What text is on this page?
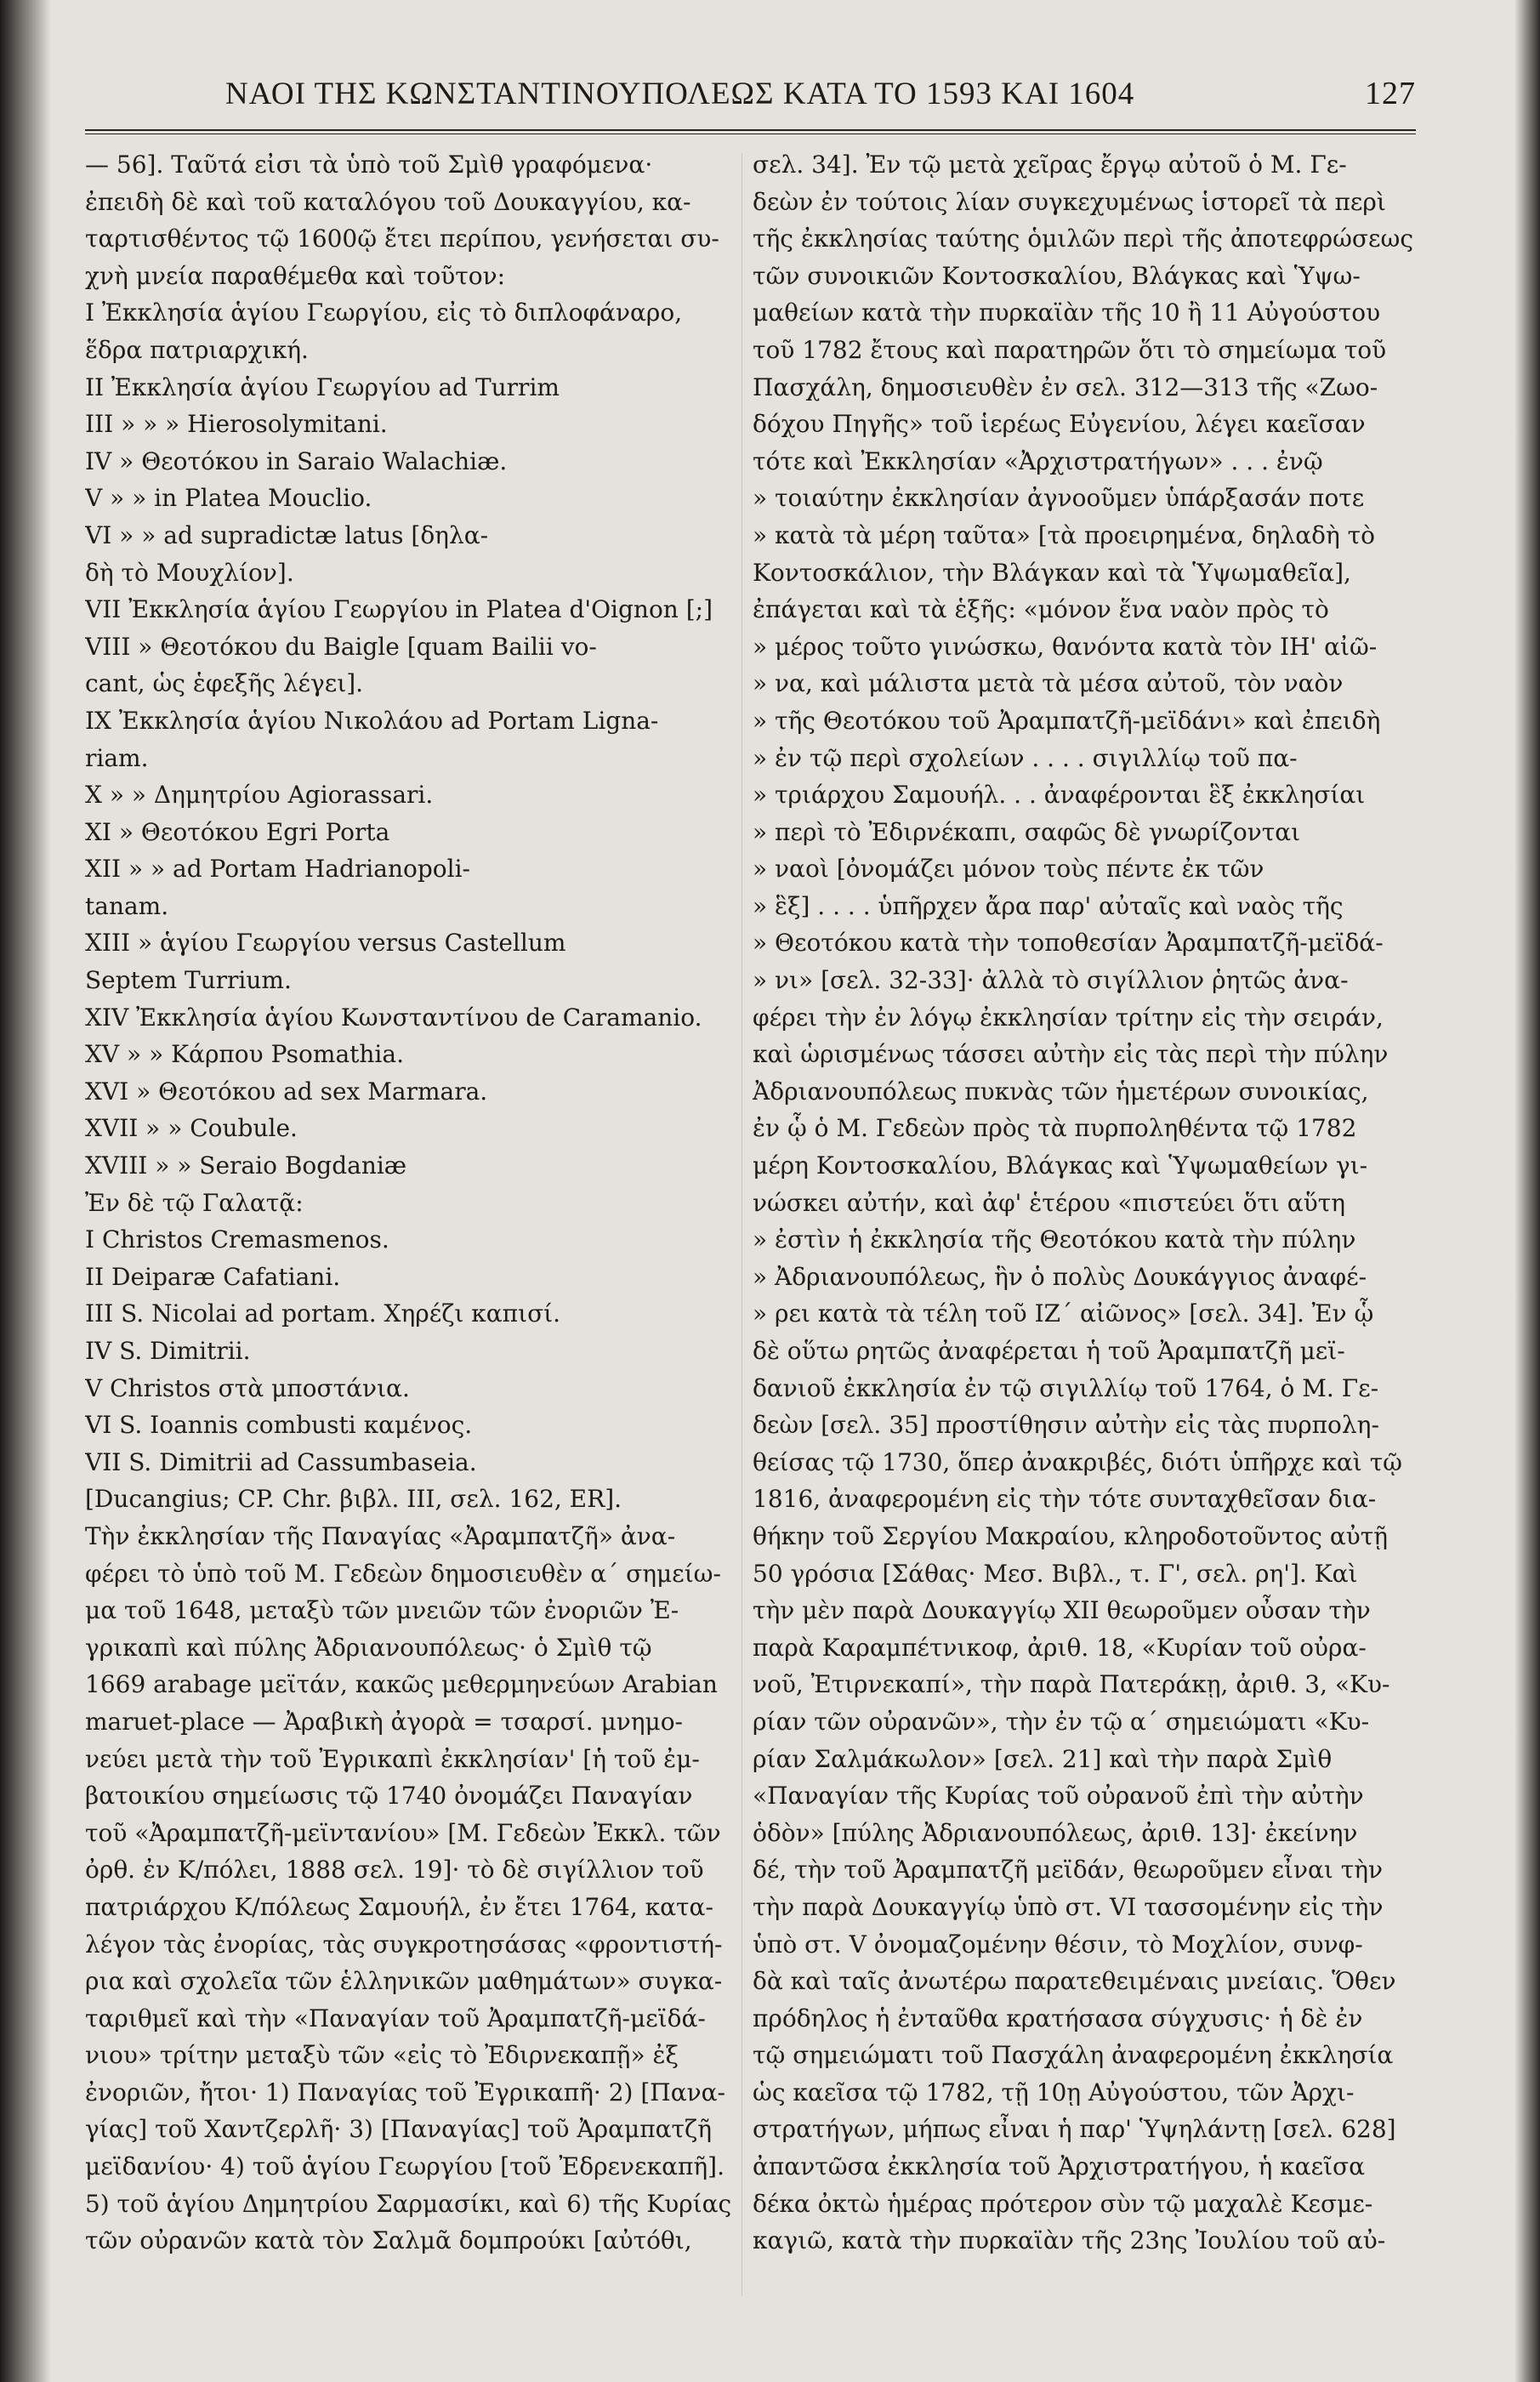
ΝΑΟΙ ΤΗΣ ΚΩΝΣΤΑΝΤΙΝΟΥΠΟΛΕΩΣ ΚΑΤΑ ΤΟ 1593 ΚΑΙ 1604	127
— 56]. Ταῦτά εἰσι τὰ ὑπὸ τοῦ Σμὶθ γραφόμενα·
ἐπειδὴ δὲ καὶ τοῦ καταλόγου τοῦ Δουκαγγίου, κα-
ταρτισθέντος τῷ 1600ῷ ἔτει περίπου, γενήσεται συ-
χνὴ μνεία παραθέμεθα καὶ τοῦτον:
I Ἐκκλησία ἁγίου Γεωργίου, εἰς τὸ διπλοφάναρο,
ἕδρα πατριαρχική.
II Ἐκκλησία ἁγίου Γεωργίου ad Turrim
III » » » Hierosolymitani.
IV » Θεοτόκου in Saraio Walachiæ.
V » » in Platea Mouclio.
VI » » ad supradictæ latus [δηλα-
δὴ τὸ Μουχλίον].
VII Ἐκκλησία ἁγίου Γεωργίου in Platea d'Oignon [;]
VIII » Θεοτόκου du Baigle [quam Bailii vo-
cant, ὡς ἑφεξῆς λέγει].
IX Ἐκκλησία ἁγίου Νικολάου ad Portam Ligna-
riam.
X » » Δημητρίου Agiorassari.
XI » Θεοτόκου Egri Porta
XII » » ad Portam Hadrianopoli-
tanam.
XIII » ἁγίου Γεωργίου versus Castellum
Septem Turrium.
XIV Ἐκκλησία ἁγίου Κωνσταντίνου de Caramanio.
XV » » Κάρπου Psomathia.
XVI » Θεοτόκου ad sex Marmara.
XVII » » Coubule.
XVIII » » Seraio Bogdaniæ
Ἐν δὲ τῷ Γαλατᾷ:
I Christos Cremasmenos.
II Deiparæ Cafatiani.
III S. Nicolai ad portam. Χηρέζι καπισί.
IV S. Dimitrii.
V Christos στὰ μποστάνια.
VI S. Ioannis combusti καμένος.
VII S. Dimitrii ad Cassumbaseia.
[Ducangius; CP. Chr. βιβλ. III, σελ. 162, ER].
Τὴν ἐκκλησίαν τῆς Παναγίας «Ἀραμπατζῆ» ἀνα-
φέρει τὸ ὑπὸ τοῦ Μ. Γεδεὼν δημοσιευθὲν α΄ σημείω-
μα τοῦ 1648, μεταξὺ τῶν μνειῶν τῶν ἐνοριῶν Ἐ-
γρικαπὶ καὶ πύλης Ἀδριανουπόλεως· ὁ Σμὶθ τῷ
1669 arabage μεϊτάν, κακῶς μεθερμηνεύων Arabian
maruet-place — Ἀραβικὴ ἀγορὰ = τσαρσί. μνημο-
νεύει μετὰ τὴν τοῦ Ἐγρικαπὶ ἐκκλησίαν' [ἡ τοῦ ἐμ-
βατοικίου σημείωσις τῷ 1740 ὀνομάζει Παναγίαν
τοῦ «Ἀραμπατζῆ-μεϊντανίου» [Μ. Γεδεὼν Ἐκκλ. τῶν
ὀρθ. ἐν Κ/πόλει, 1888 σελ. 19]· τὸ δὲ σιγίλλιον τοῦ
πατριάρχου Κ/πόλεως Σαμουήλ, ἐν ἔτει 1764, κατα-
λέγον τὰς ἐνορίας, τὰς συγκροτησάσας «φροντιστή-
ρια καὶ σχολεῖα τῶν ἑλληνικῶν μαθημάτων» συγκα-
ταριθμεῖ καὶ τὴν «Παναγίαν τοῦ Ἀραμπατζῆ-μεϊδά-
νιου» τρίτην μεταξὺ τῶν «εἰς τὸ Ἐδιρνεκαπῇ» ἐξ
ἐνοριῶν, ἤτοι· 1) Παναγίας τοῦ Ἐγρικαπῆ· 2) [Πανα-
γίας] τοῦ Χαντζερλῆ· 3) [Παναγίας] τοῦ Ἀραμπατζῆ
μεϊδανίου· 4) τοῦ ἁγίου Γεωργίου [τοῦ Ἐδρενεκαπῆ].
5) τοῦ ἁγίου Δημητρίου Σαρμασίκι, καὶ 6) τῆς Κυρίας
τῶν οὐρανῶν κατὰ τὸν Σαλμᾶ δομπρούκι [αὐτόθι,
σελ. 34]. Ἐν τῷ μετὰ χεῖρας ἔργῳ αὐτοῦ ὁ Μ. Γε-
δεὼν ἐν τούτοις λίαν συγκεχυμένως ἱστορεῖ τὰ περὶ
τῆς ἐκκλησίας ταύτης ὁμιλῶν περὶ τῆς ἀποτεφρώσεως
τῶν συνοικιῶν Κοντοσκαλίου, Βλάγκας καὶ Ὑψω-
μαθείων κατὰ τὴν πυρκαϊὰν τῆς 10 ἢ 11 Αὐγούστου
τοῦ 1782 ἔτους καὶ παρατηρῶν ὅτι τὸ σημείωμα τοῦ
Πασχάλη, δημοσιευθὲν ἐν σελ. 312—313 τῆς «Ζωο-
δόχου Πηγῆς» τοῦ ἱερέως Εὐγενίου, λέγει καεῖσαν
τότε καὶ Ἐκκλησίαν «Ἀρχιστρατήγων» . . . ἐνῷ
» τοιαύτην ἐκκλησίαν ἀγνοοῦμεν ὑπάρξασάν ποτε
» κατὰ τὰ μέρη ταῦτα» [τὰ προειρημένα, δηλαδὴ τὸ
Κοντοσκάλιον, τὴν Βλάγκαν καὶ τὰ Ὑψωμαθεῖα],
ἐπάγεται καὶ τὰ ἑξῆς: «μόνον ἕνα ναὸν πρὸς τὸ
» μέρος τοῦτο γινώσκω, θανόντα κατὰ τὸν ΙΗ' αἰῶ-
» να, καὶ μάλιστα μετὰ τὰ μέσα αὐτοῦ, τὸν ναὸν
» τῆς Θεοτόκου τοῦ Ἀραμπατζῆ-μεϊδάνι» καὶ ἐπειδὴ
» ἐν τῷ περὶ σχολείων . . . . σιγιλλίῳ τοῦ πα-
» τριάρχου Σαμουήλ. . . ἀναφέρονται ἓξ ἐκκλησίαι
» περὶ τὸ Ἐδιρνέκαπι, σαφῶς δὲ γνωρίζονται
» ναοὶ [ὀνομάζει μόνον τοὺς πέντε ἐκ τῶν
» ἓξ] . . . . ὑπῆρχεν ἄρα παρ' αὐταῖς καὶ ναὸς τῆς
» Θεοτόκου κατὰ τὴν τοποθεσίαν Ἀραμπατζῆ-μεϊδά-
» νι» [σελ. 32-33]· ἀλλὰ τὸ σιγίλλιον ῥητῶς ἀνα-
φέρει τὴν ἐν λόγῳ ἐκκλησίαν τρίτην εἰς τὴν σειράν,
καὶ ὡρισμένως τάσσει αὐτὴν εἰς τὰς περὶ τὴν πύλην
Ἀδριανουπόλεως πυκνὰς τῶν ἡμετέρων συνοικίας,
ἐν ᾧ ὁ Μ. Γεδεὼν πρὸς τὰ πυρποληθέντα τῷ 1782
μέρη Κοντοσκαλίου, Βλάγκας καὶ Ὑψωμαθείων γι-
νώσκει αὐτήν, καὶ ἀφ' ἑτέρου «πιστεύει ὅτι αὕτη
» ἐστὶν ἡ ἐκκλησία τῆς Θεοτόκου κατὰ τὴν πύλην
» Ἀδριανουπόλεως, ἣν ὁ πολὺς Δουκάγγιος ἀναφέ-
» ρει κατὰ τὰ τέλη τοῦ ΙΖ΄ αἰῶνος» [σελ. 34]. Ἐν ᾧ
δὲ οὕτω ρητῶς ἀναφέρεται ἡ τοῦ Ἀραμπατζῆ μεϊ-
δανιοῦ ἐκκλησία ἐν τῷ σιγιλλίῳ τοῦ 1764, ὁ Μ. Γε-
δεὼν [σελ. 35] προστίθησιν αὐτὴν εἰς τὰς πυρπολη-
θείσας τῷ 1730, ὅπερ ἀνακριβές, διότι ὑπῆρχε καὶ τῷ
1816, ἀναφερομένη εἰς τὴν τότε συνταχθεῖσαν δια-
θήκην τοῦ Σεργίου Μακραίου, κληροδοτοῦντος αὐτῇ
50 γρόσια [Σάθας· Μεσ. Βιβλ., τ. Γ', σελ. ρη']. Καὶ
τὴν μὲν παρὰ Δουκαγγίῳ XII θεωροῦμεν οὖσαν τὴν
παρὰ Καραμπέτνικοφ, ἀριθ. 18, «Κυρίαν τοῦ οὐρα-
νοῦ, Ἐτιρνεκαπί», τὴν παρὰ Πατεράκῃ, ἀριθ. 3, «Κυ-
ρίαν τῶν οὐρανῶν», τὴν ἐν τῷ α΄ σημειώματι «Κυ-
ρίαν Σαλμάκωλον» [σελ. 21] καὶ τὴν παρὰ Σμὶθ
«Παναγίαν τῆς Κυρίας τοῦ οὐρανοῦ ἐπὶ τὴν αὐτὴν
ὁδὸν» [πύλης Ἀδριανουπόλεως, ἀριθ. 13]· ἐκείνην
δέ, τὴν τοῦ Ἀραμπατζῆ μεϊδάν, θεωροῦμεν εἶναι τὴν
τὴν παρὰ Δουκαγγίῳ ὑπὸ στ. VI τασσομένην εἰς τὴν
ὑπὸ στ. V ὀνομαζομένην θέσιν, τὸ Μοχλίον, συνφ-
δὰ καὶ ταῖς ἀνωτέρω παρατεθειμέναις μνείαις. Ὅθεν
πρόδηλος ἡ ἐνταῦθα κρατήσασα σύγχυσις· ἡ δὲ ἐν
τῷ σημειώματι τοῦ Πασχάλη ἀναφερομένη ἐκκλησία
ὡς καεῖσα τῷ 1782, τῇ 10ῃ Αὐγούστου, τῶν Ἀρχι-
στρατήγων, μήπως εἶναι ἡ παρ' Ὑψηλάντῃ [σελ. 628]
ἀπαντῶσα ἐκκλησία τοῦ Ἀρχιστρατήγου, ἡ καεῖσα
δέκα ὀκτὼ ἡμέρας πρότερον σὺν τῷ μαχαλὲ Κεσμε-
καγιῶ, κατὰ τὴν πυρκαϊὰν τῆς 23ης Ἰουλίου τοῦ αὐ-
